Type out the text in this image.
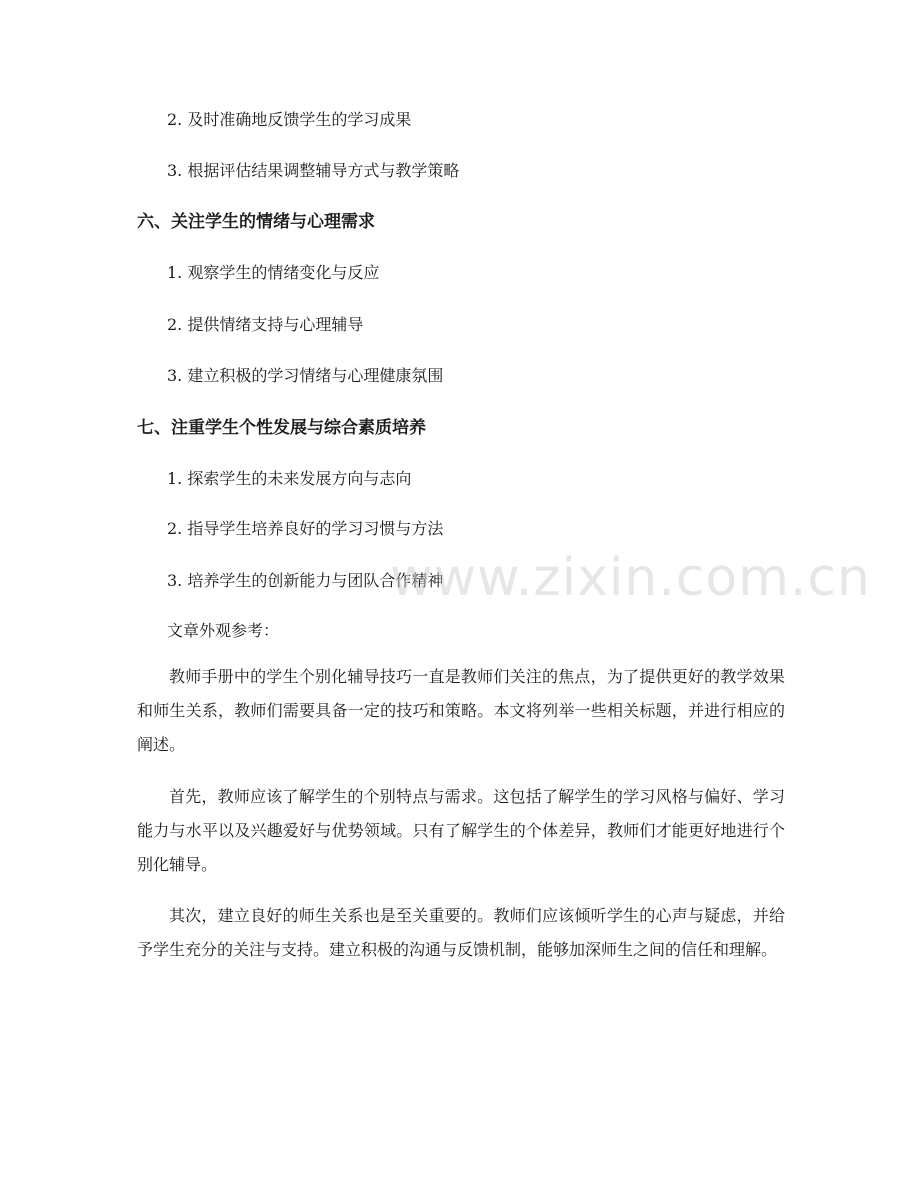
2. 及时准确地反馈学生的学习成果
3. 根据评估结果调整辅导方式与教学策略
六、关注学生的情绪与心理需求
1. 观察学生的情绪变化与反应
2. 提供情绪支持与心理辅导
3. 建立积极的学习情绪与心理健康氛围
七、注重学生个性发展与综合素质培养
1. 探索学生的未来发展方向与志向
2. 指导学生培养良好的学习习惯与方法
3. 培养学生的创新能力与团队合作精神
文章外观参考：
教师手册中的学生个别化辅导技巧一直是教师们关注的焦点，为了提供更好的教学效果和师生关系，教师们需要具备一定的技巧和策略。本文将列举一些相关标题，并进行相应的阐述。
首先，教师应该了解学生的个别特点与需求。这包括了解学生的学习风格与偏好、学习能力与水平以及兴趣爱好与优势领域。只有了解学生的个体差异，教师们才能更好地进行个别化辅导。
其次，建立良好的师生关系也是至关重要的。教师们应该倾听学生的心声与疑虑，并给予学生充分的关注与支持。建立积极的沟通与反馈机制，能够加深师生之间的信任和理解。
www.zixin.com.cn
